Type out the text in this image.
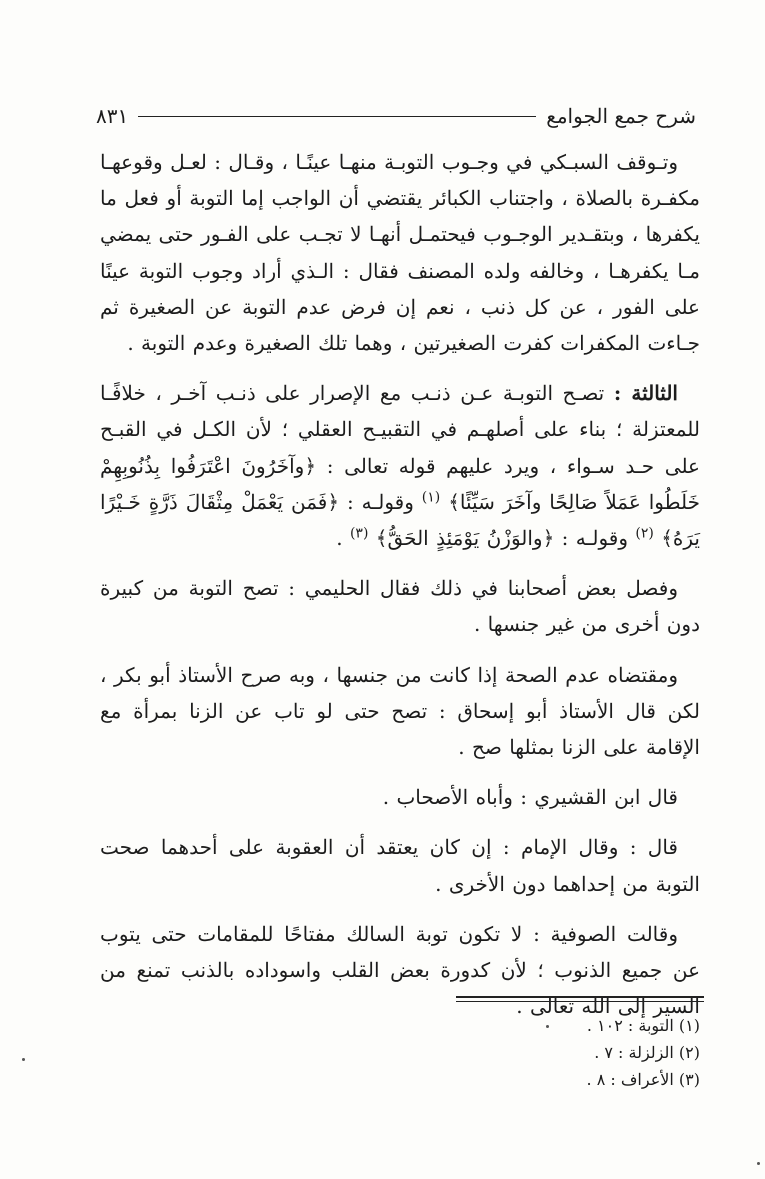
شرح جمع الجوامع
٨٣١

وتـوقف السبـكي في وجـوب التوبـة منهـا عينًـا ، وقـال : لعـل وقوعهـا مكفـرة بالصلاة ، واجتناب الكبائر يقتضي أن الواجب إما التوبة أو فعل ما يكفرها ، وبتقـدير الوجـوب فيحتمـل أنهـا لا تجـب على الفـور حتى يمضي مـا يكفرهـا ، وخالفه ولده المصنف فقال : الـذي أراد وجوب التوبة عينًا على الفور ، عن كل ذنب ، نعم إن فرض عدم التوبة عن الصغيرة ثم جـاءت المكفرات كفرت الصغيرتين ، وهما تلك الصغيرة وعدم التوبة .

الثالثة : تصـح التوبـة عـن ذنـب مع الإصرار على ذنـب آخـر ، خلافًـا للمعتزلة ؛ بناء على أصلهـم في التقبيـح العقلي ؛ لأن الكـل في القبـح على حـد سـواء ، ويرد عليهم قوله تعالى : ﴿وآخَرُونَ اعْتَرَفُوا بِذُنُوبِهِمْ خَلَطُوا عَمَلاً صَالِحًا وآخَرَ سَيِّئًا﴾ $^{(١)}$ وقولـه : ﴿فَمَن يَعْمَلْ مِثْقَالَ ذَرَّةٍ خَـيْرًا يَرَهُ﴾ $^{(٢)}$ وقولـه : ﴿والوَزْنُ يَوْمَئِذٍ الحَقُّ﴾ $^{(٣)}$ .

وفصل بعض أصحابنا في ذلك فقال الحليمي : تصح التوبة من كبيرة دون أخرى من غير جنسها .

ومقتضاه عدم الصحة إذا كانت من جنسها ، وبه صرح الأستاذ أبو بكر ، لكن قال الأستاذ أبو إسحاق : تصح حتى لو تاب عن الزنا بمرأة مع الإقامة على الزنا بمثلها صح .

قال ابن القشيري : وأباه الأصحاب .

قال : وقال الإمام : إن كان يعتقد أن العقوبة على أحدهما صحت التوبة من إحداهما دون الأخرى .

وقالت الصوفية : لا تكون توبة السالك مفتاحًا للمقامات حتى يتوب عن جميع الذنوب ؛ لأن كدورة بعض القلب واسوداده بالذنب تمنع من السير إلى الله تعالى .

(١) التوبة : ١٠٢ .
(٢) الزلزلة : ٧ .
(٣) الأعراف : ٨ .
